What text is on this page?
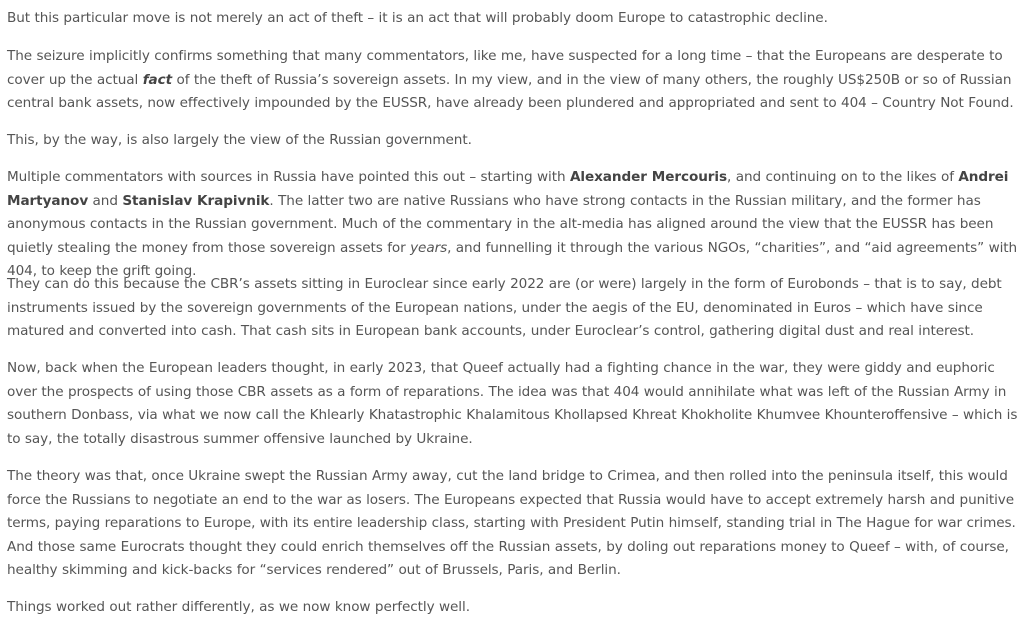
But this particular move is not merely an act of theft – it is an act that will probably doom Europe to catastrophic decline.

The seizure implicitly confirms something that many commentators, like me, have suspected for a long time – that the Europeans are desperate to cover up the actual fact of the theft of Russia’s sovereign assets. In my view, and in the view of many others, the roughly US$250B or so of Russian central bank assets, now effectively impounded by the EUSSR, have already been plundered and appropriated and sent to 404 – Country Not Found.

This, by the way, is also largely the view of the Russian government.

Multiple commentators with sources in Russia have pointed this out – starting with Alexander Mercouris, and continuing on to the likes of Andrei Martyanov and Stanislav Krapivnik. The latter two are native Russians who have strong contacts in the Russian military, and the former has anonymous contacts in the Russian government. Much of the commentary in the alt-media has aligned around the view that the EUSSR has been quietly stealing the money from those sovereign assets for years, and funnelling it through the various NGOs, “charities”, and “aid agreements” with 404, to keep the grift going.

They can do this because the CBR’s assets sitting in Euroclear since early 2022 are (or were) largely in the form of Eurobonds – that is to say, debt instruments issued by the sovereign governments of the European nations, under the aegis of the EU, denominated in Euros – which have since matured and converted into cash. That cash sits in European bank accounts, under Euroclear’s control, gathering digital dust and real interest.

Now, back when the European leaders thought, in early 2023, that Queef actually had a fighting chance in the war, they were giddy and euphoric over the prospects of using those CBR assets as a form of reparations. The idea was that 404 would annihilate what was left of the Russian Army in southern Donbass, via what we now call the Khlearly Khatastrophic Khalamitous Khollapsed Khreat Khokholite Khumvee Khounteroffensive – which is to say, the totally disastrous summer offensive launched by Ukraine.

The theory was that, once Ukraine swept the Russian Army away, cut the land bridge to Crimea, and then rolled into the peninsula itself, this would force the Russians to negotiate an end to the war as losers. The Europeans expected that Russia would have to accept extremely harsh and punitive terms, paying reparations to Europe, with its entire leadership class, starting with President Putin himself, standing trial in The Hague for war crimes. And those same Eurocrats thought they could enrich themselves off the Russian assets, by doling out reparations money to Queef – with, of course, healthy skimming and kick-backs for “services rendered” out of Brussels, Paris, and Berlin.

Things worked out rather differently, as we now know perfectly well.
